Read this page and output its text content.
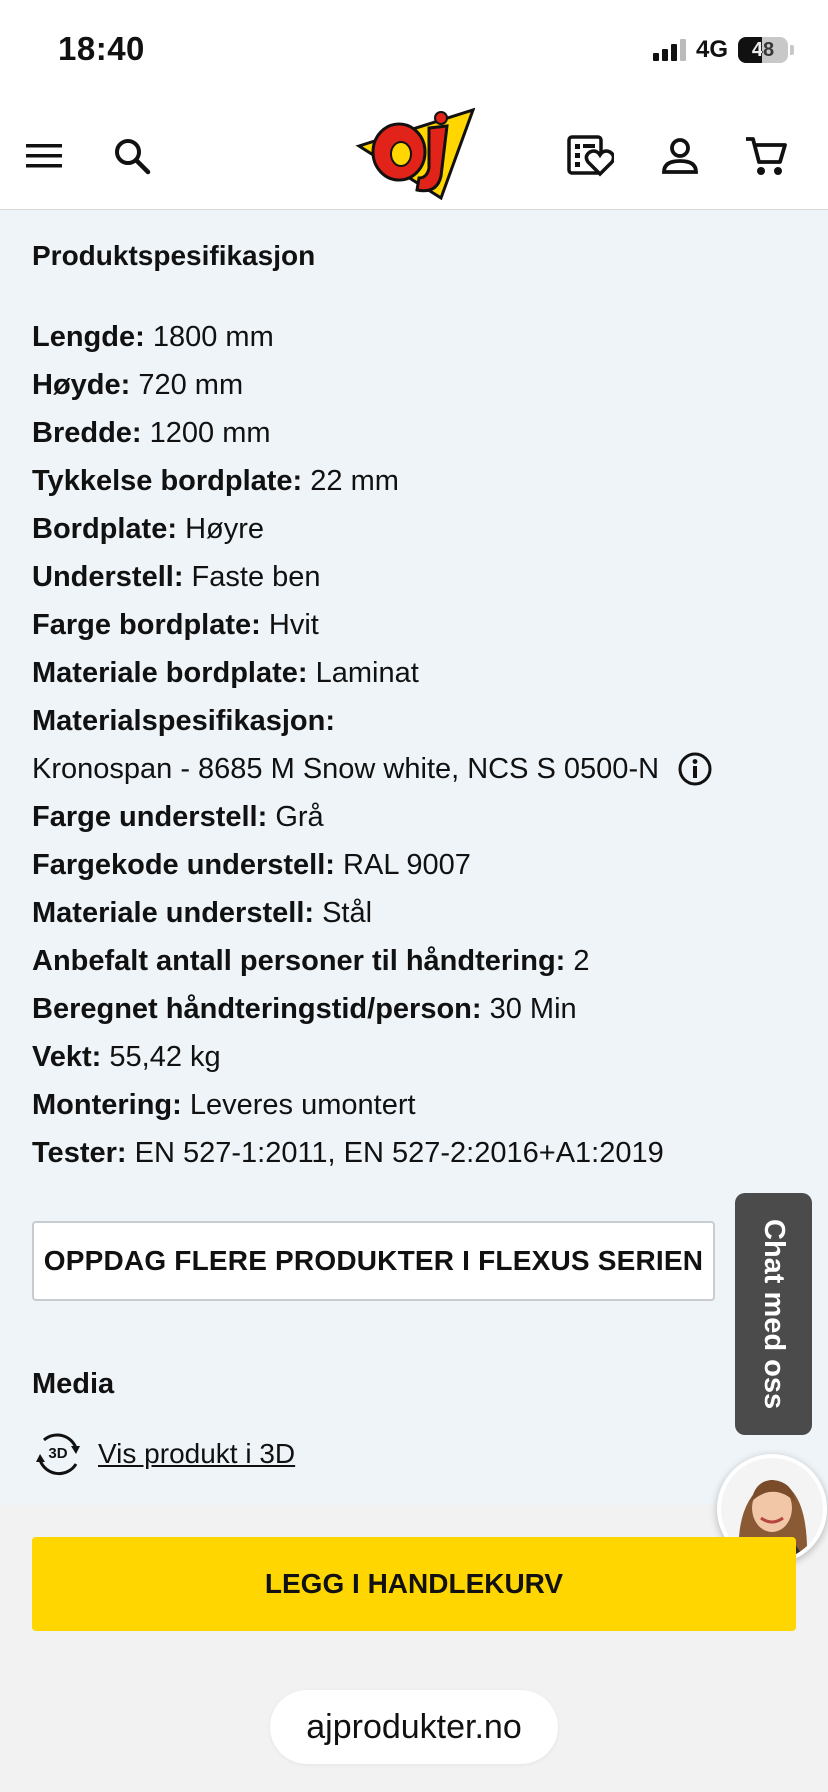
18:40	4G 48
Produktspesifikasjon
Lengde: 1800 mm
Høyde: 720 mm
Bredde: 1200 mm
Tykkelse bordplate: 22 mm
Bordplate: Høyre
Understell: Faste ben
Farge bordplate: Hvit
Materiale bordplate: Laminat
Materialspesifikasjon:
Kronospan - 8685 M Snow white, NCS S 0500-N
Farge understell: Grå
Fargekode understell: RAL 9007
Materiale understell: Stål
Anbefalt antall personer til håndtering: 2
Beregnet håndteringstid/person: 30 Min
Vekt: 55,42 kg
Montering: Leveres umontert
Tester: EN 527-1:2011, EN 527-2:2016+A1:2019
OPPDAG FLERE PRODUKTER I FLEXUS SERIEN
Media
3D Vis produkt i 3D
Chat med oss
LEGG I HANDLEKURV
ajprodukter.no
